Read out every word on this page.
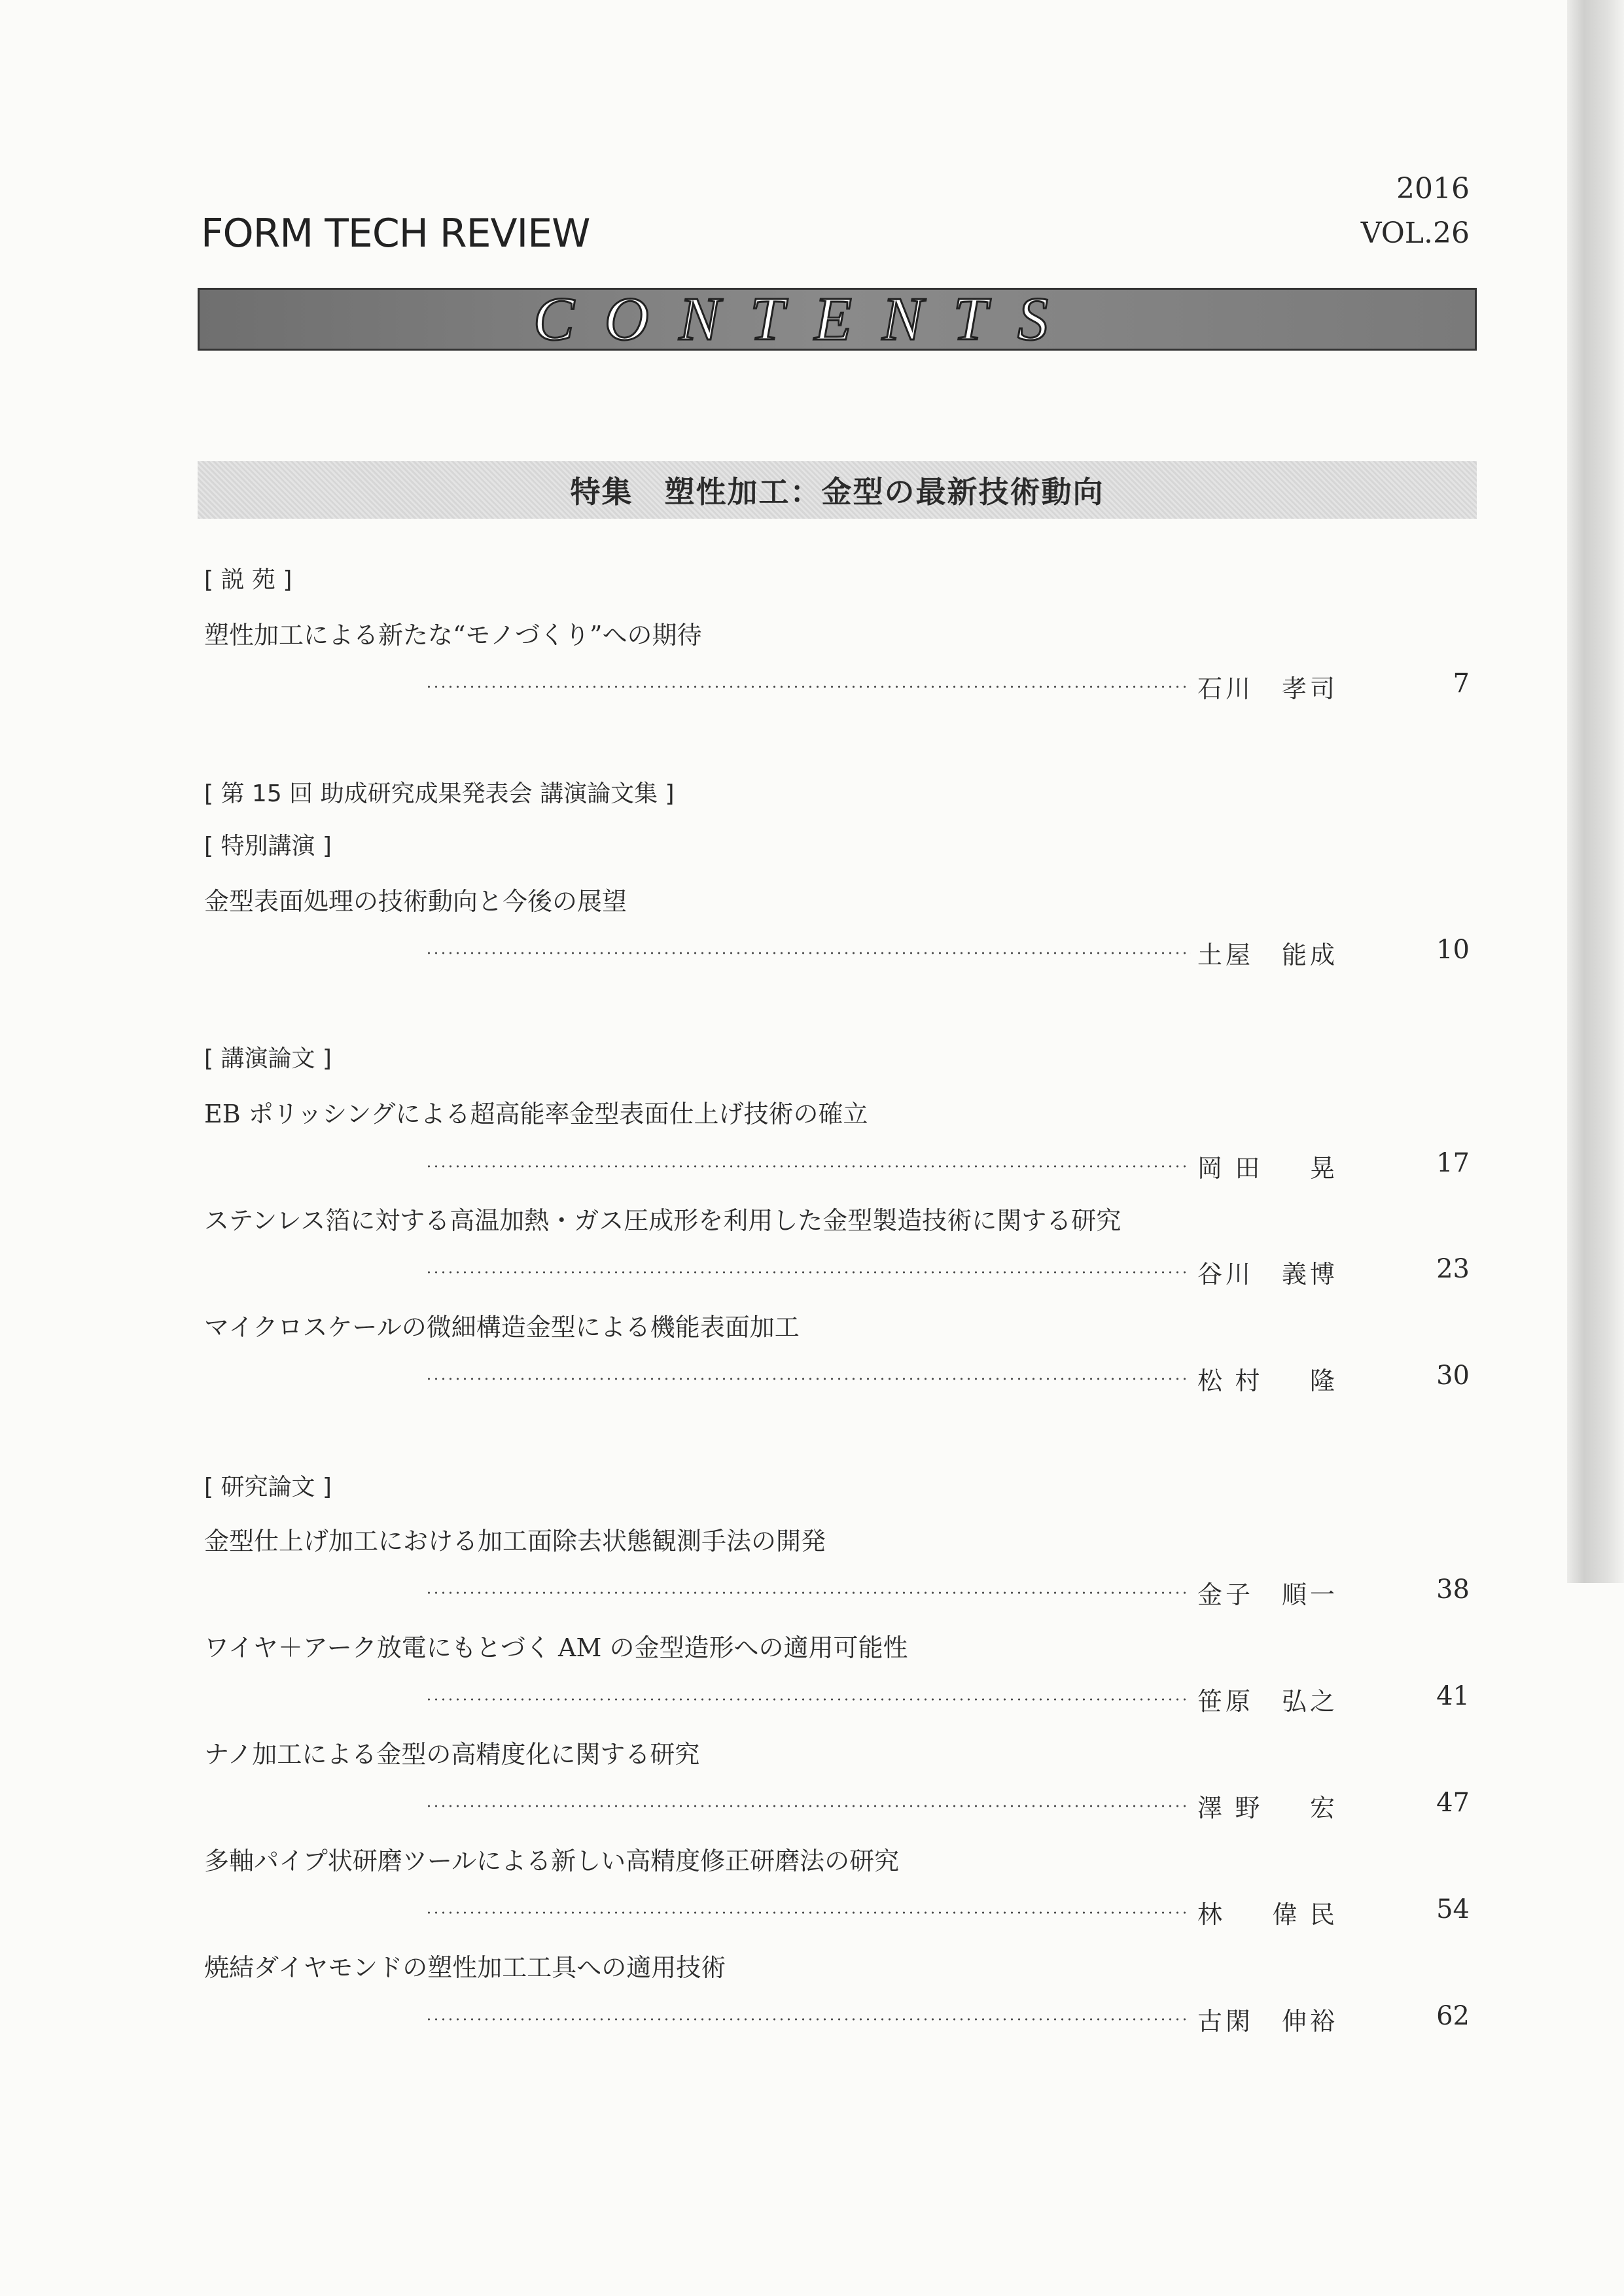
2016
VOL.26
FORM TECH REVIEW
CONTENTS
特集　塑性加工：金型の最新技術動向
[ 説 苑 ]
塑性加工による新たな“モノづくり”への期待
石川　孝司	7
[ 第 15 回 助成研究成果発表会 講演論文集 ]
[ 特別講演 ]
金型表面処理の技術動向と今後の展望
土屋　能成	10
[ 講演論文 ]
EB ポリッシングによる超高能率金型表面仕上げ技術の確立
岡田　晃	17
ステンレス箔に対する高温加熱・ガス圧成形を利用した金型製造技術に関する研究
谷川　義博	23
マイクロスケールの微細構造金型による機能表面加工
松村　隆	30
[ 研究論文 ]
金型仕上げ加工における加工面除去状態観測手法の開発
金子　順一	38
ワイヤ＋アーク放電にもとづく AM の金型造形への適用可能性
笹原　弘之	41
ナノ加工による金型の高精度化に関する研究
澤野　宏	47
多軸パイプ状研磨ツールによる新しい高精度修正研磨法の研究
林　偉民	54
焼結ダイヤモンドの塑性加工工具への適用技術
古閑　伸裕	62
